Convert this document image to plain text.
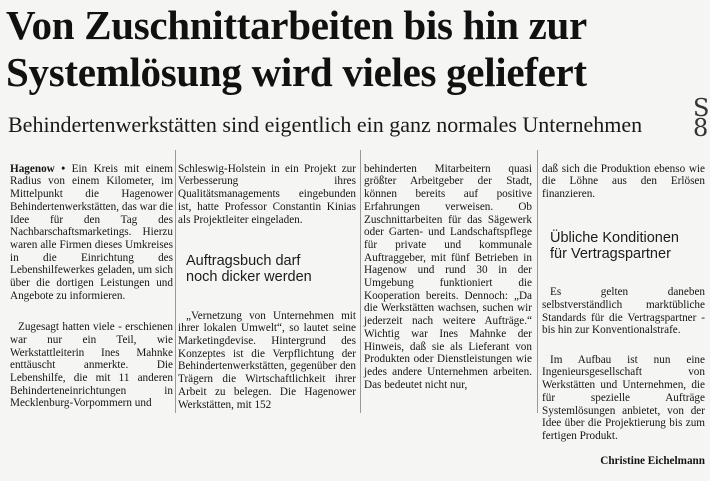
Von Zuschnittarbeiten bis hin zur
Systemlösung wird vieles geliefert
Behindertenwerkstätten sind eigentlich ein ganz normales Unternehmen
S
8

Hagenow • Ein Kreis mit einem Radius von einem Kilometer, im Mittelpunkt die Hagenower Behindertenwerkstätten, das war die Idee für den Tag des Nachbarschaftsmarketings. Hierzu waren alle Firmen dieses Umkreises in die Einrichtung des Lebenshilfewerkes geladen, um sich über die dortigen Leistungen und Angebote zu informieren.

Zugesagt hatten viele - erschienen war nur ein Teil, wie Werkstattleiterin Ines Mahnke enttäuscht anmerkte. Die Lebenshilfe, die mit 11 anderen Behinderteneinrichtungen in Mecklenburg-Vorpommern und

Schleswig-Holstein in ein Projekt zur Verbesserung ihres Qualitätsmanagements eingebunden ist, hatte Professor Constantin Kinias als Projektleiter eingeladen.

Auftragsbuch darf
noch dicker werden

„Vernetzung von Unternehmen mit ihrer lokalen Umwelt“, so lautet seine Marketingdevise. Hintergrund des Konzeptes ist die Verpflichtung der Behindertenwerkstätten, gegenüber den Trägern die Wirtschaftlichkeit ihrer Arbeit zu belegen. Die Hagenower Werkstätten, mit 152

behinderten Mitarbeitern quasi größter Arbeitgeber der Stadt, können bereits auf positive Erfahrungen verweisen. Ob Zuschnittarbeiten für das Sägewerk oder Garten- und Landschaftspflege für private und kommunale Auftraggeber, mit fünf Betrieben in Hagenow und rund 30 in der Umgebung funktioniert die Kooperation bereits. Dennoch: „Da die Werkstätten wachsen, suchen wir jederzeit nach weitere Aufträge.“ Wichtig war Ines Mahnke der Hinweis, daß sie als Lieferant von Produkten oder Dienstleistungen wie jedes andere Unternehmen arbeiten. Das bedeutet nicht nur,

daß sich die Produktion ebenso wie die Löhne aus den Erlösen finanzieren.

Übliche Konditionen
für Vertragspartner

Es gelten daneben selbstverständlich marktübliche Standards für die Vertragspartner - bis hin zur Konventionalstrafe.

Im Aufbau ist nun eine Ingenieursgesellschaft von Werkstätten und Unternehmen, die für spezielle Aufträge Systemlösungen anbietet, von der Idee über die Projektierung bis zum fertigen Produkt.

Christine Eichelmann
